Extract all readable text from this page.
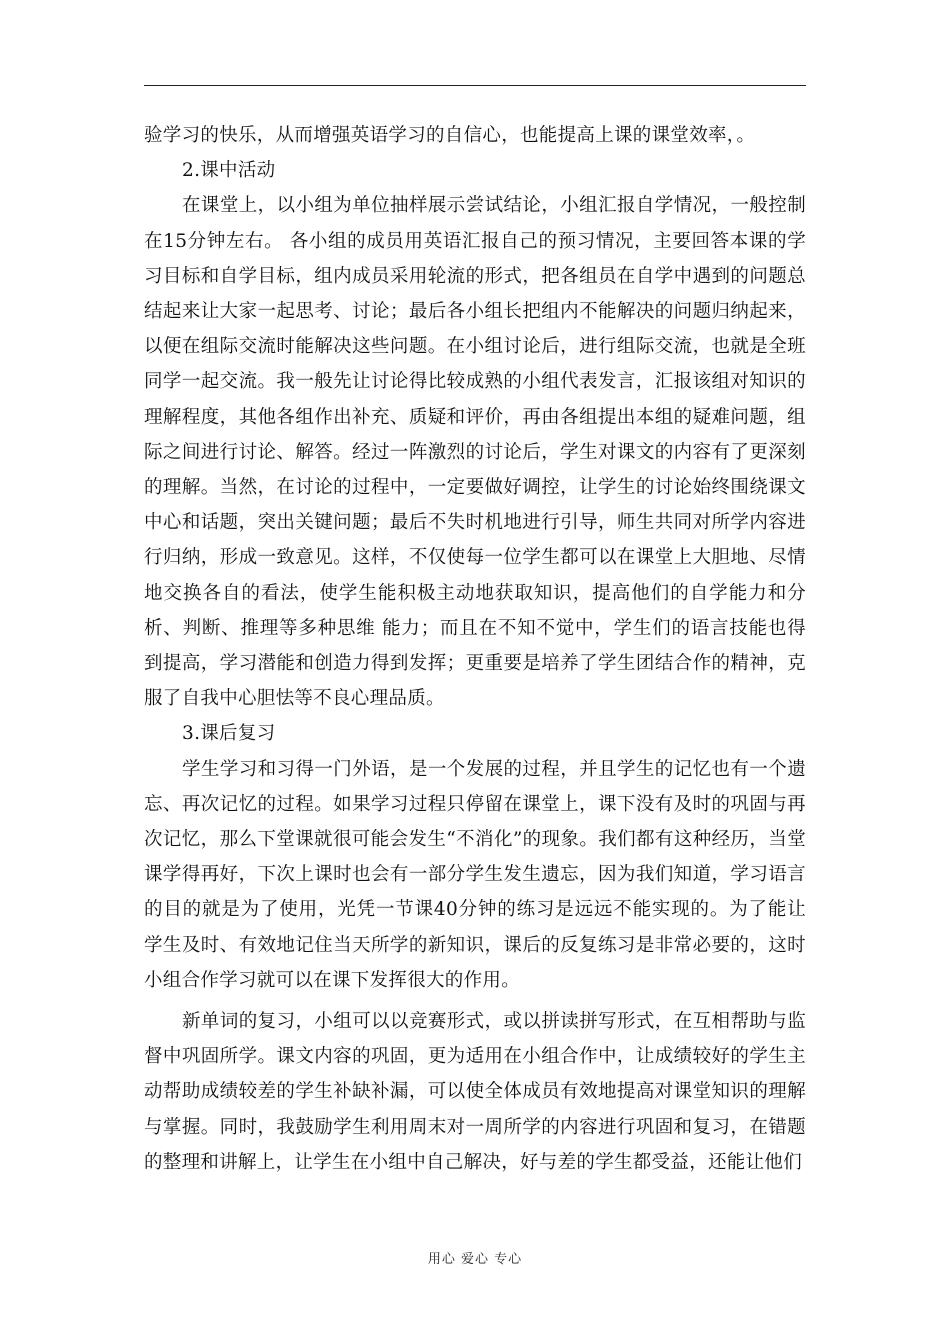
验学习的快乐，从而增强英语学习的自信心，也能提高上课的课堂效率，。

2.课中活动

在课堂上，以小组为单位抽样展示尝试结论，小组汇报自学情况，一般控制在15分钟左右。 各小组的成员用英语汇报自己的预习情况，主要回答本课的学习目标和自学目标，组内成员采用轮流的形式，把各组员在自学中遇到的问题总结起来让大家一起思考、讨论；最后各小组长把组内不能解决的问题归纳起来，以便在组际交流时能解决这些问题。在小组讨论后，进行组际交流，也就是全班同学一起交流。我一般先让讨论得比较成熟的小组代表发言，汇报该组对知识的理解程度，其他各组作出补充、质疑和评价，再由各组提出本组的疑难问题，组际之间进行讨论、解答。经过一阵激烈的讨论后，学生对课文的内容有了更深刻的理解。当然，在讨论的过程中，一定要做好调控，让学生的讨论始终围绕课文中心和话题，突出关键问题；最后不失时机地进行引导，师生共同对所学内容进行归纳，形成一致意见。这样，不仅使每一位学生都可以在课堂上大胆地、尽情地交换各自的看法，使学生能积极主动地获取知识，提高他们的自学能力和分析、判断、推理等多种思维 能力；而且在不知不觉中，学生们的语言技能也得到提高，学习潜能和创造力得到发挥；更重要是培养了学生团结合作的精神，克服了自我中心胆怯等不良心理品质。

3.课后复习

学生学习和习得一门外语，是一个发展的过程，并且学生的记忆也有一个遗忘、再次记忆的过程。如果学习过程只停留在课堂上，课下没有及时的巩固与再次记忆，那么下堂课就很可能会发生“不消化”的现象。我们都有这种经历，当堂课学得再好，下次上课时也会有一部分学生发生遗忘，因为我们知道，学习语言的目的就是为了使用，光凭一节课40分钟的练习是远远不能实现的。为了能让学生及时、有效地记住当天所学的新知识，课后的反复练习是非常必要的，这时小组合作学习就可以在课下发挥很大的作用。

新单词的复习，小组可以以竞赛形式，或以拼读拼写形式，在互相帮助与监督中巩固所学。课文内容的巩固，更为适用在小组合作中，让成绩较好的学生主动帮助成绩较差的学生补缺补漏，可以使全体成员有效地提高对课堂知识的理解与掌握。同时，我鼓励学生利用周末对一周所学的内容进行巩固和复习，在错题的整理和讲解上，让学生在小组中自己解决，好与差的学生都受益，还能让他们

用心 爱心 专心
